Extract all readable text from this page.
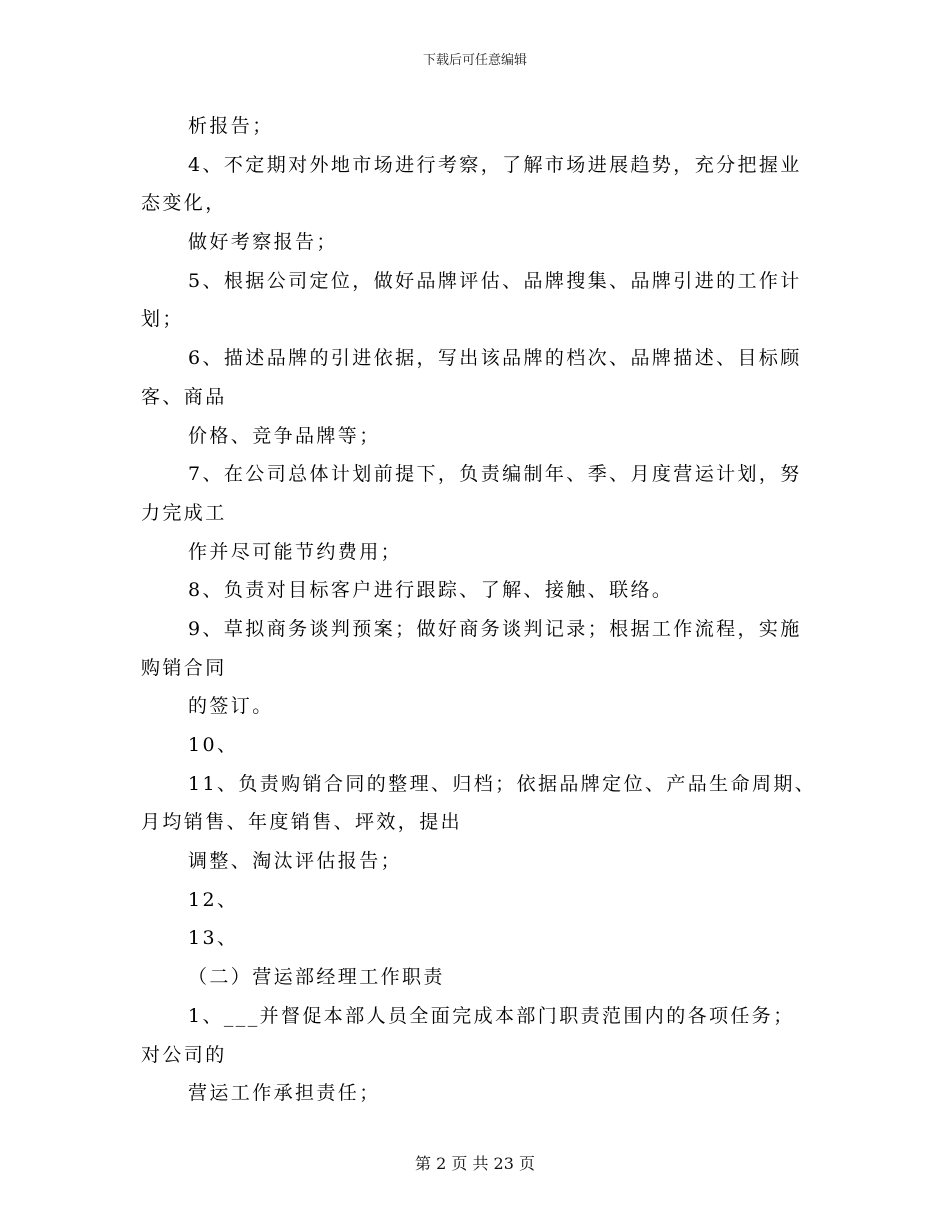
下载后可任意编辑
析报告；
4、不定期对外地市场进行考察，了解市场进展趋势，充分把握业
态变化，
做好考察报告；
5、根据公司定位，做好品牌评估、品牌搜集、品牌引进的工作计
划；
6、描述品牌的引进依据，写出该品牌的档次、品牌描述、目标顾
客、商品
价格、竞争品牌等；
7、在公司总体计划前提下，负责编制年、季、月度营运计划，努
力完成工
作并尽可能节约费用；
8、负责对目标客户进行跟踪、了解、接触、联络。
9、草拟商务谈判预案；做好商务谈判记录；根据工作流程，实施
购销合同
的签订。
10、
11、负责购销合同的整理、归档；依据品牌定位、产品生命周期、
月均销售、年度销售、坪效，提出
调整、淘汰评估报告；
12、
13、
（二）营运部经理工作职责
1、___并督促本部人员全面完成本部门职责范围内的各项任务；
对公司的
营运工作承担责任；
第 2 页 共 23 页
